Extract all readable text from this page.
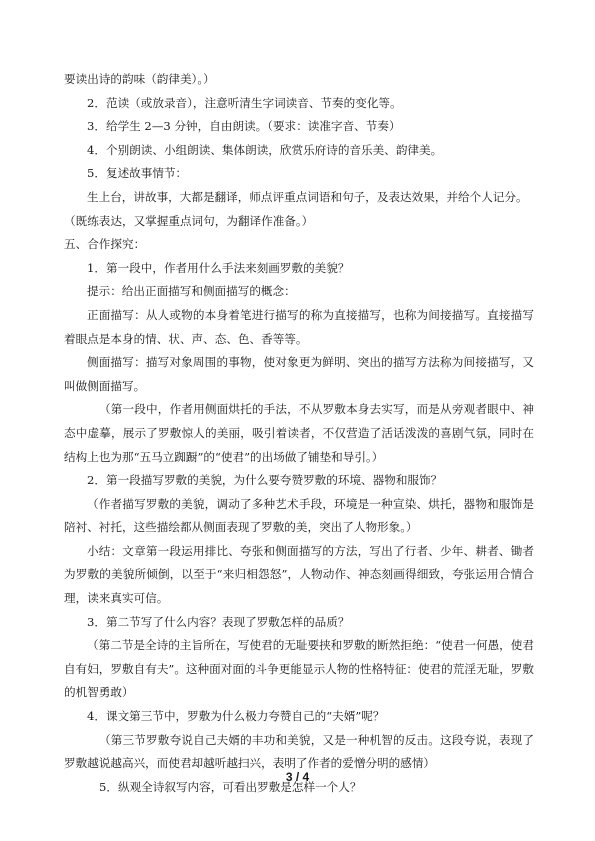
要读出诗的韵味（韵律美）。）

2．范读（或放录音），注意听清生字词读音、节奏的变化等。

3．给学生 2—3 分钟，自由朗读。（要求：读准字音、节奏）

4．个别朗读、小组朗读、集体朗读，欣赏乐府诗的音乐美、韵律美。

5．复述故事情节：

生上台，讲故事，大都是翻译，师点评重点词语和句子，及表达效果，并给个人记分。

（既练表达，又掌握重点词句，为翻译作准备。）

五、合作探究：

1．第一段中，作者用什么手法来刻画罗敷的美貌？

提示：给出正面描写和侧面描写的概念：

正面描写：从人或物的本身着笔进行描写的称为直接描写，也称为间接描写。直接描写着眼点是本身的情、状、声、态、色、香等等。

侧面描写：描写对象周围的事物，使对象更为鲜明、突出的描写方法称为间接描写，又叫做侧面描写。

（第一段中，作者用侧面烘托的手法，不从罗敷本身去实写，而是从旁观者眼中、神态中虚摹，展示了罗敷惊人的美丽，吸引着读者，不仅营造了活话泼泼的喜剧气氛，同时在结构上也为那“五马立踟蹰”的“使君”的出场做了铺垫和导引。）

2．第一段描写罗敷的美貌，为什么要夸赞罗敷的环境、器物和服饰？

（作者描写罗敷的美貌，调动了多种艺术手段，环境是一种宣染、烘托，器物和服饰是陪衬、衬托，这些描绘都从侧面表现了罗敷的美，突出了人物形象。）

小结：文章第一段运用排比、夸张和侧面描写的方法，写出了行者、少年、耕者、锄者为罗敷的美貌所倾倒，以至于“来归相怨怒”，人物动作、神态刻画得细致，夸张运用合情合理，读来真实可信。

3．第二节写了什么内容？表现了罗敷怎样的品质？

（第二节是全诗的主旨所在，写使君的无耻要挟和罗敷的断然拒绝：“使君一何愚，使君自有妇，罗敷自有夫”。这种面对面的斗争更能显示人物的性格特征：使君的荒淫无耻，罗敷的机智勇敢）

4．课文第三节中，罗敷为什么极力夸赞自己的“夫婿”呢？

（第三节罗敷夸说自己夫婿的丰功和美貌，又是一种机智的反击。这段夸说，表现了罗敷越说越高兴，而使君却越听越扫兴，表明了作者的爱憎分明的感情）

5．纵观全诗叙写内容，可看出罗敷是怎样一个人？

3 / 4
